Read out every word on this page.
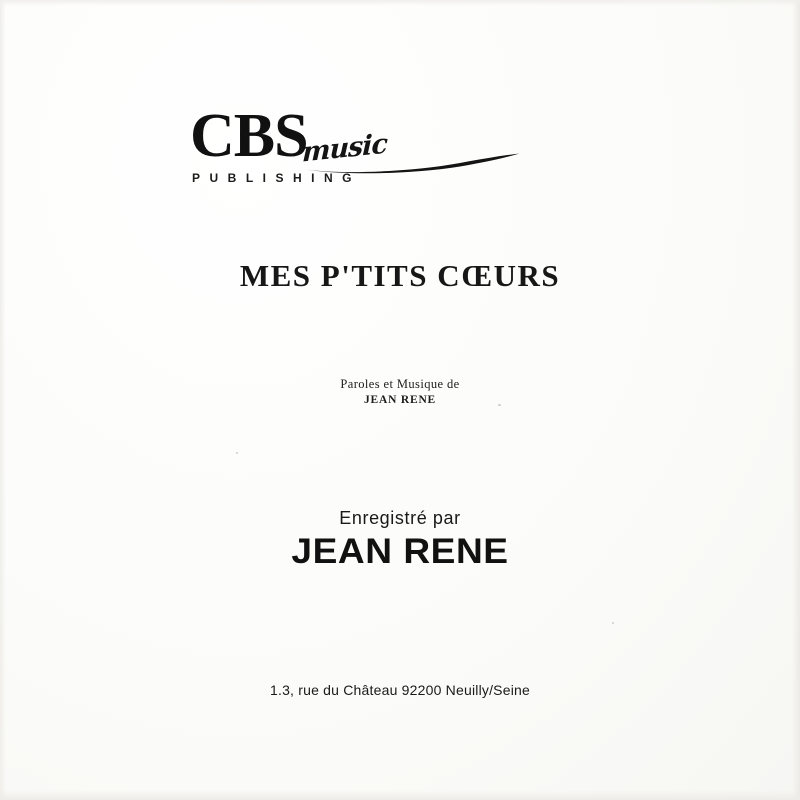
CBS
music
PUBLISHING
MES P'TITS CŒURS
Paroles et Musique de
JEAN RENE
Enregistré par
JEAN RENE
1.3, rue du Château 92200 Neuilly/Seine
